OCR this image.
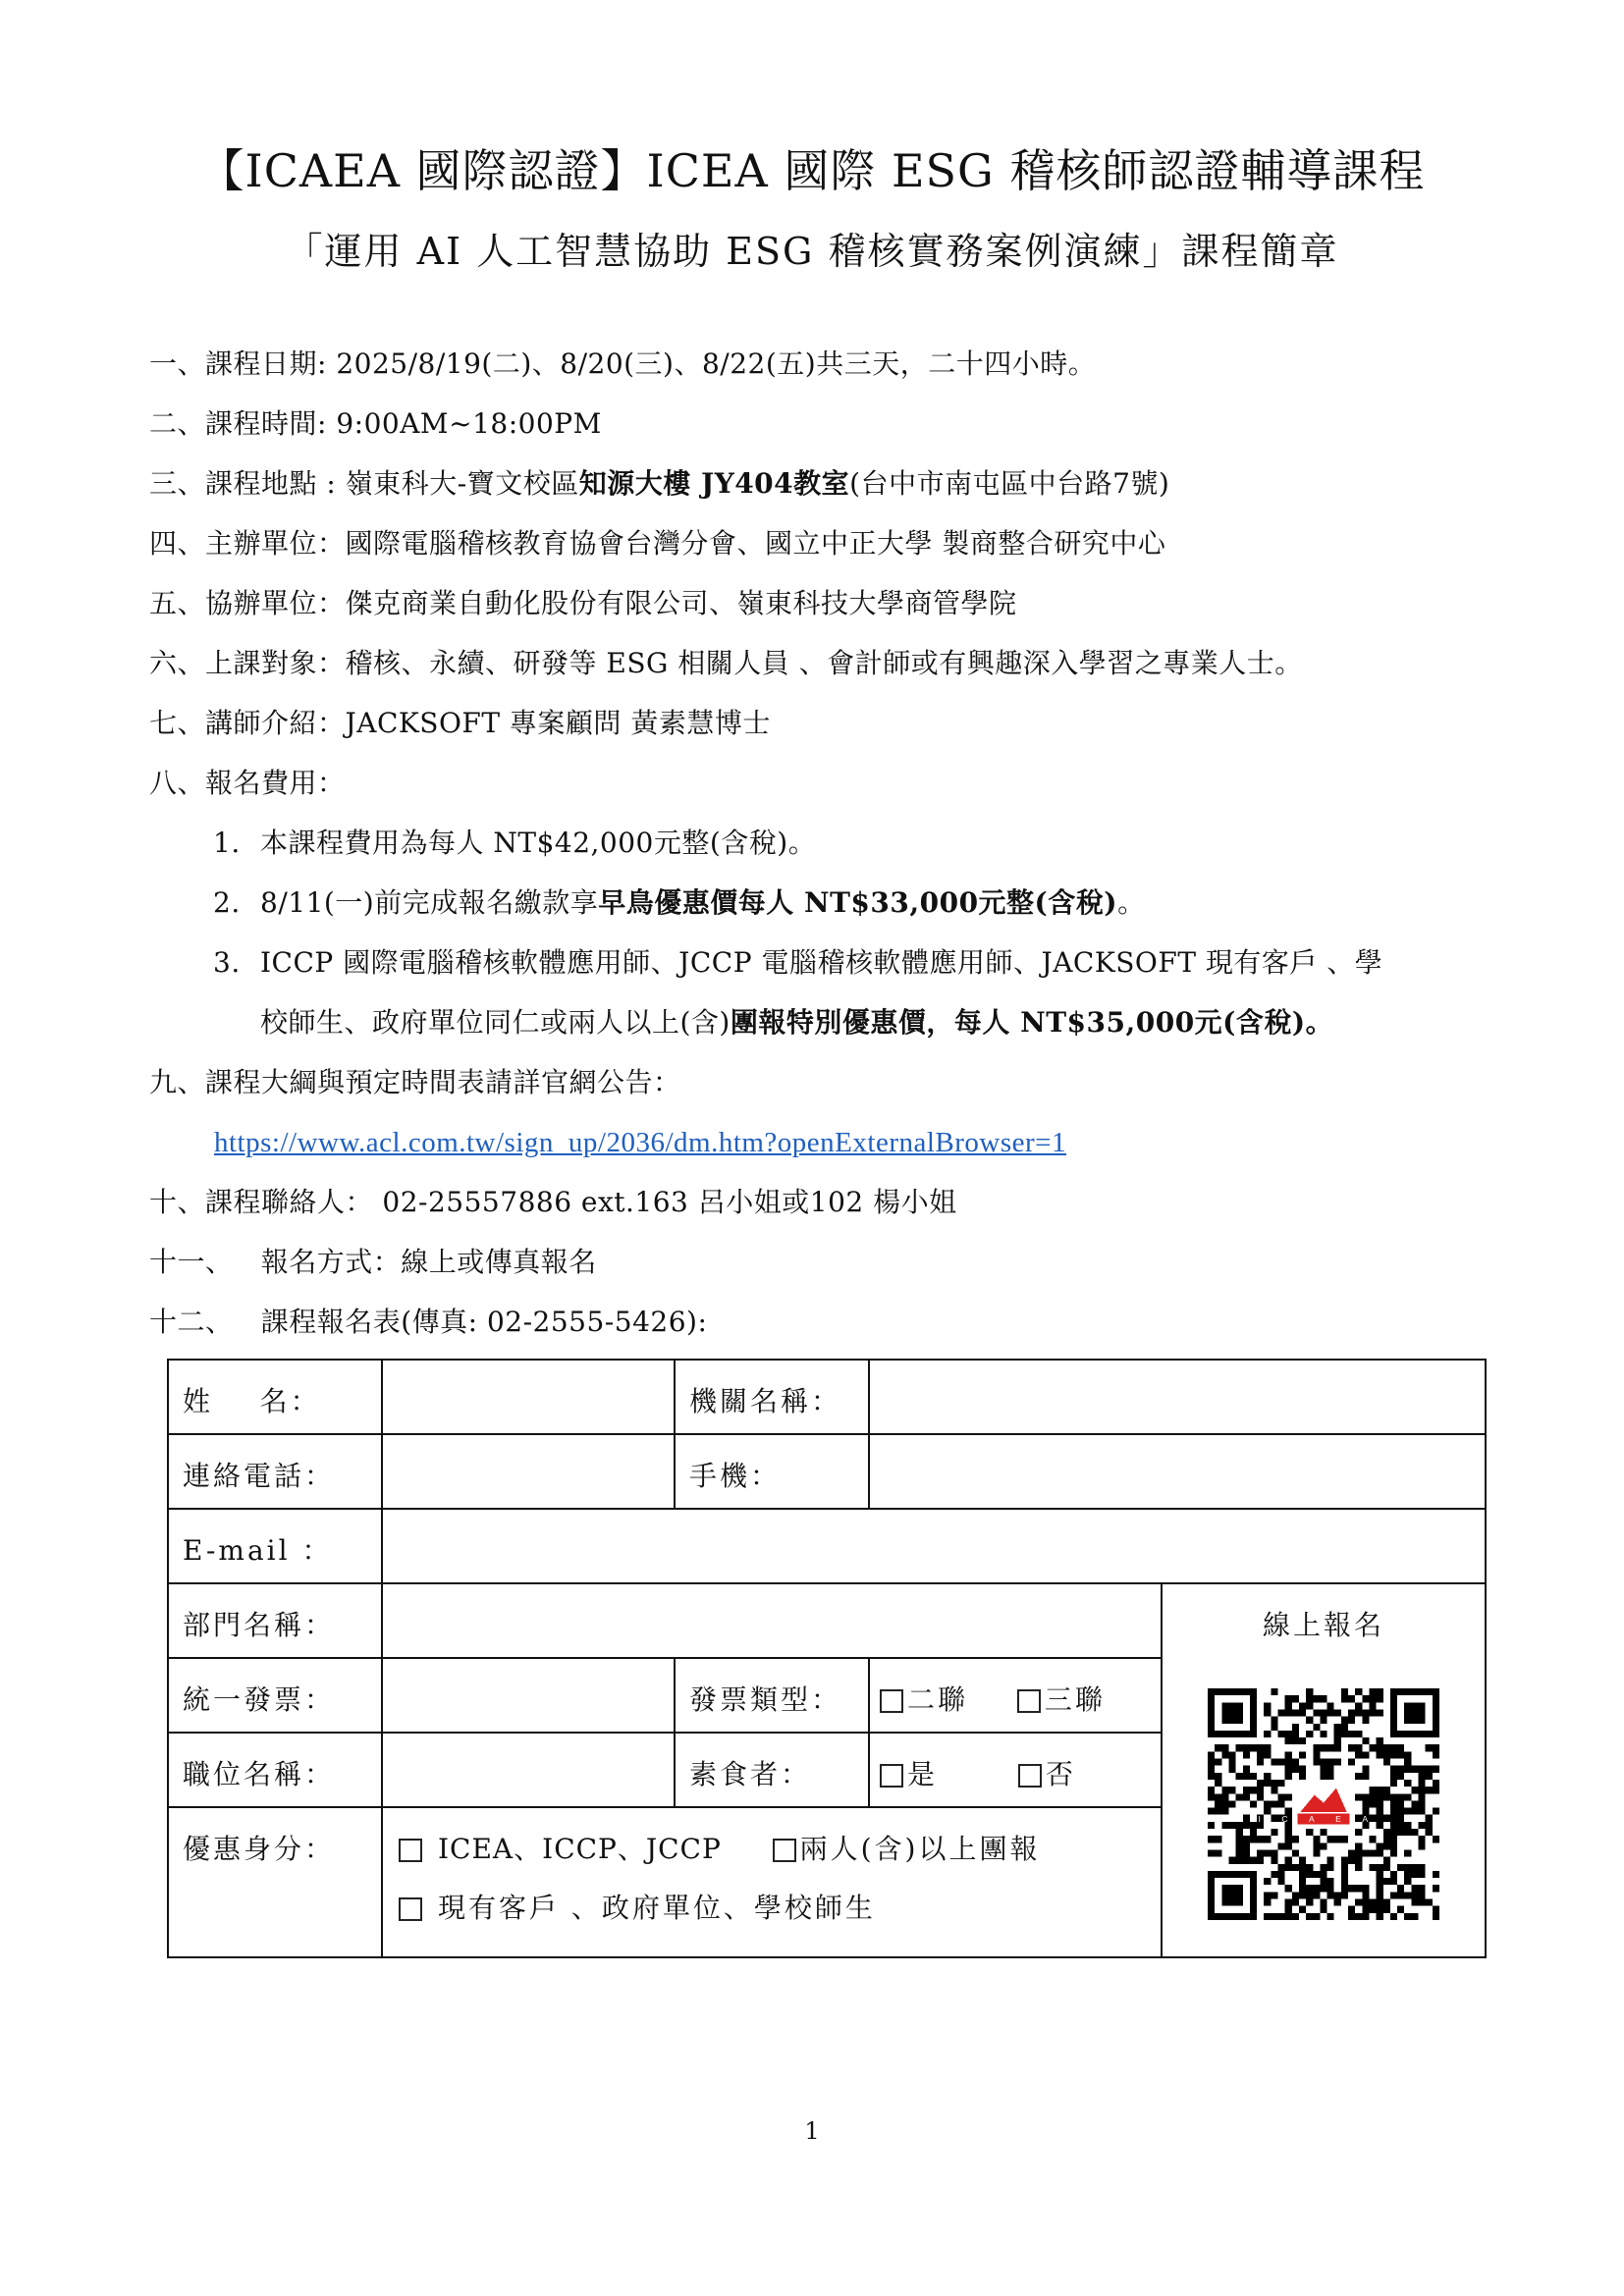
【ICAEA 國際認證】ICEA 國際 ESG 稽核師認證輔導課程
「運用 AI 人工智慧協助 ESG 稽核實務案例演練」課程簡章
一、課程日期: 2025/8/19(二)、8/20(三)、8/22(五)共三天，二十四小時。
二、課程時間: 9:00AM~18:00PM
三、課程地點 : 嶺東科大-寶文校區知源大樓 JY404教室(台中市南屯區中台路7號)
四、主辦單位：國際電腦稽核教育協會台灣分會、國立中正大學 製商整合研究中心
五、協辦單位：傑克商業自動化股份有限公司、嶺東科技大學商管學院
六、上課對象：稽核、永續、研發等 ESG 相關人員 、會計師或有興趣深入學習之專業人士。
七、講師介紹：JACKSOFT 專案顧問 黃素慧博士
八、報名費用：
1. 本課程費用為每人 NT$42,000元整(含稅)。
2. 8/11(一)前完成報名繳款享早鳥優惠價每人 NT$33,000元整(含稅)。
3. ICCP 國際電腦稽核軟體應用師、JCCP 電腦稽核軟體應用師、JACKSOFT 現有客戶 、學
校師生、政府單位同仁或兩人以上(含)團報特別優惠價，每人 NT$35,000元(含稅)。
九、課程大綱與預定時間表請詳官網公告：
https://www.acl.com.tw/sign_up/2036/dm.htm?openExternalBrowser=1
十、課程聯絡人： 02-25557886 ext.163 呂小姐或102 楊小姐
十一、   報名方式：線上或傳真報名
十二、   課程報名表(傳真: 02-2555-5426):
姓    名：		機關名稱：		
連絡電話：		手機：		
E-mail ：				
部門名稱：				線上報名
ICAEA

統一發票：		發票類型：	二聯 三聯	
職位名稱：		素食者：	是 否	
優惠身分：	ICEA、ICCP、JCCP 兩人(含)以上團報
現有客戶 、政府單位、學校師生			
1
